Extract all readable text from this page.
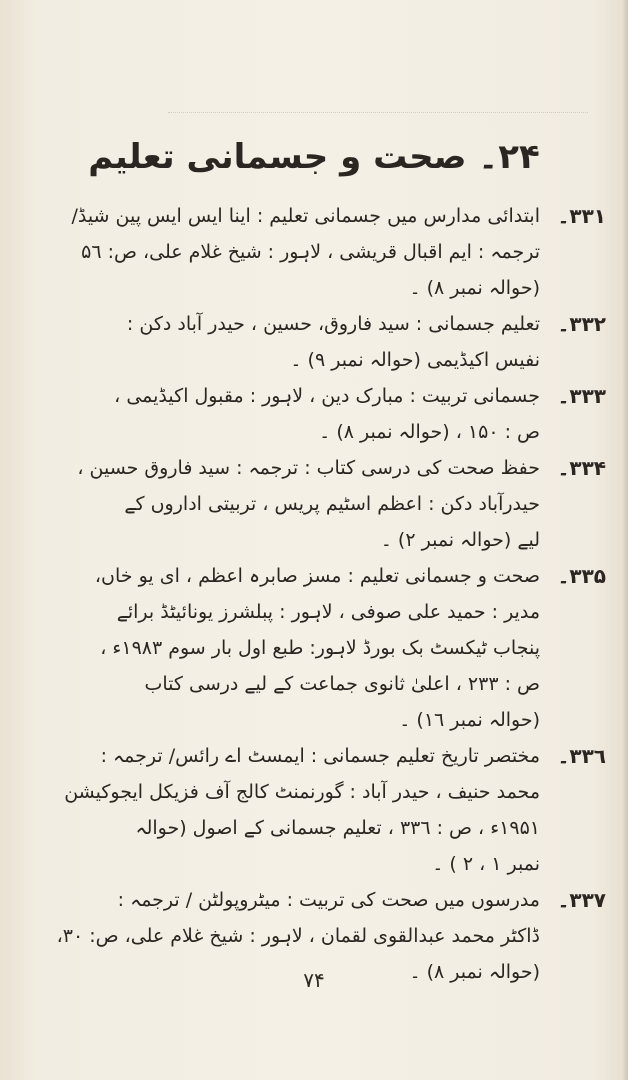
۲۴۔ صحت و جسمانی تعلیم
۳۳۱۔
ابتدائی مدارس میں جسمانی تعلیم : اینا ایس ایس پین شیڈ/
ترجمہ : ایم اقبال قریشی ، لاہور : شیخ غلام علی، ص: ۵٦
(حوالہ نمبر ۸) ۔
۳۳۲۔
تعلیم جسمانی : سید فاروق، حسین ، حیدر آباد دکن :
نفیس اکیڈیمی (حوالہ نمبر ۹) ۔
۳۳۳۔
جسمانی تربیت : مبارک دین ، لاہور : مقبول اکیڈیمی ،
ص : ۱۵۰ ، (حوالہ نمبر ۸) ۔
۳۳۴۔
حفظ صحت کی درسی کتاب : ترجمہ : سید فاروق حسین ،
حیدرآباد دکن : اعظم اسٹیم پریس ، تربیتی اداروں کے
لیے (حوالہ نمبر ۲) ۔
۳۳۵۔
صحت و جسمانی تعلیم : مسز صابرہ اعظم ، ای یو خاں،
مدیر : حمید علی صوفی ، لاہور : پبلشرز یونائیٹڈ برائے
پنجاب ٹیکسٹ بک بورڈ لاہور: طبع اول بار سوم ۱۹۸۳ء ،
ص : ۲۳۳ ، اعلیٰ ثانوی جماعت کے لیے درسی کتاب
(حوالہ نمبر ۱٦) ۔
۳۳٦۔
مختصر تاریخ تعلیم جسمانی : ایمسٹ اے رائس/ ترجمہ :
محمد حنیف ، حیدر آباد : گورنمنٹ کالج آف فزیکل ایجوکیشن
۱۹۵۱ء ، ص : ۳۳٦ ، تعلیم جسمانی کے اصول (حوالہ
نمبر ۱ ، ۲ ) ۔
۳۳۷۔
مدرسوں میں صحت کی تربیت : میٹروپولٹن / ترجمہ :
ڈاکٹر محمد عبدالقوی لقمان ، لاہور : شیخ غلام علی، ص: ۳۰،
(حوالہ نمبر ۸) ۔
۷۴
